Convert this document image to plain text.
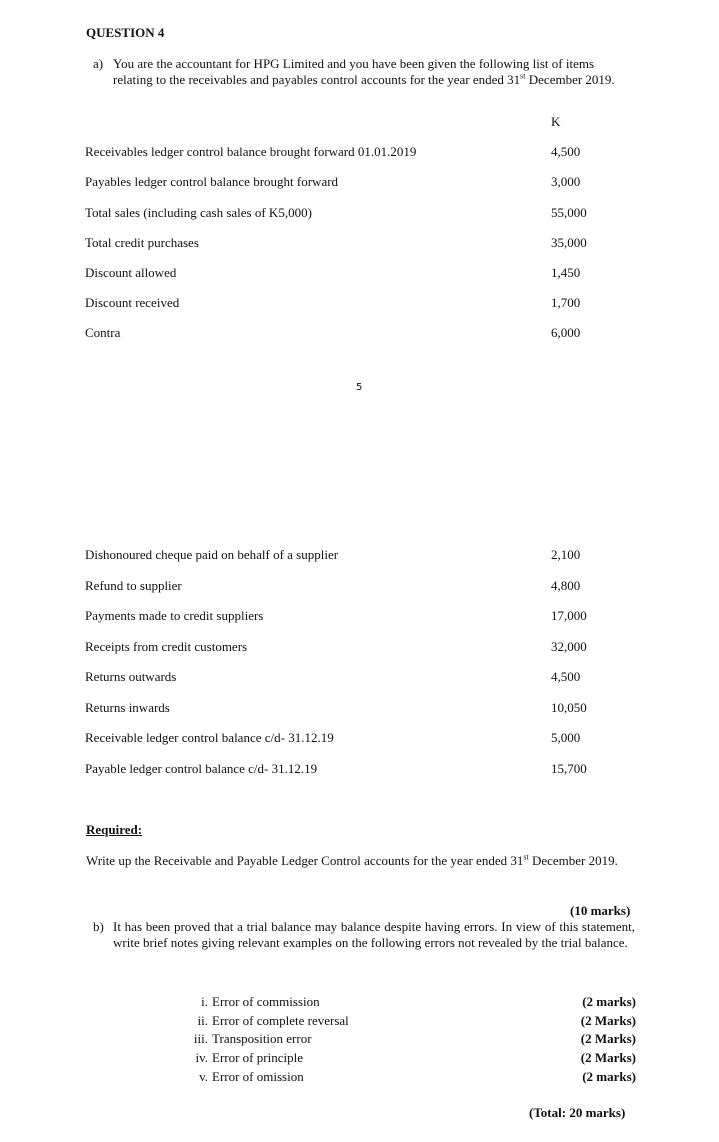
QUESTION 4
a) You are the accountant for HPG Limited and you have been given the following list of items relating to the receivables and payables control accounts for the year ended 31st December 2019.
K
Receivables ledger control balance brought forward 01.01.2019	4,500
Payables ledger control balance brought forward	3,000
Total sales (including cash sales of K5,000)	55,000
Total credit purchases	35,000
Discount allowed	1,450
Discount received	1,700
Contra	6,000
5
Dishonoured cheque paid on behalf of a supplier	2,100
Refund to supplier	4,800
Payments made to credit suppliers	17,000
Receipts from credit customers	32,000
Returns outwards	4,500
Returns inwards	10,050
Receivable ledger control balance c/d- 31.12.19	5,000
Payable ledger control balance c/d- 31.12.19	15,700
Required:
Write up the Receivable and Payable Ledger Control accounts for the year ended 31st December 2019.
(10 marks)
b) It has been proved that a trial balance may balance despite having errors. In view of this statement, write brief notes giving relevant examples on the following errors not revealed by the trial balance.
i. Error of commission	(2 marks)
ii. Error of complete reversal	(2 Marks)
iii. Transposition error	(2 Marks)
iv. Error of principle	(2 Marks)
v. Error of omission	(2 marks)
(Total: 20 marks)
